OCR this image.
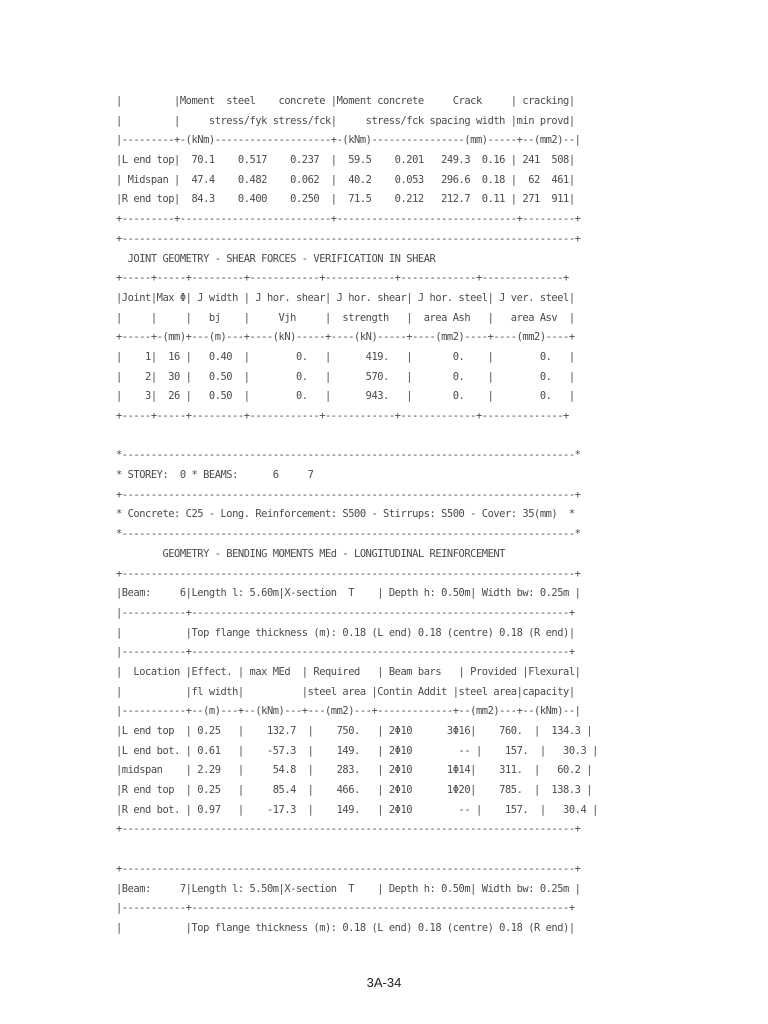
|         |Moment  steel    concrete |Moment concrete     Crack     | cracking|
|         |     stress/fyk stress/fck|     stress/fck spacing width |min provd|
|---------+-(kNm)--------------------+-(kNm)----------------(mm)-----+--(mm2)--|
|L end top|  70.1    0.517    0.237  |  59.5    0.201   249.3  0.16 | 241  508|
| Midspan |  47.4    0.482    0.062  |  40.2    0.053   296.6  0.18 |  62  461|
|R end top|  84.3    0.400    0.250  |  71.5    0.212   212.7  0.11 | 271  911|
+---------+--------------------------+-------------------------------+---------+
+------------------------------------------------------------------------------+
JOINT GEOMETRY - SHEAR FORCES - VERIFICATION IN SHEAR
+-----+-----+---------+------------+------------+-------------+--------------+
|Joint|Max Φ| J width | J hor. shear| J hor. shear| J hor. steel| J ver. steel|
|     |     |   bj    |     Vjh     |  strength   |  area Ash   |   area Asv  |
+-----+-(mm)+---(m)---+----(kN)-----+----(kN)-----+----(mm2)----+----(mm2)----+
|    1|  16 |   0.40  |        0.   |      419.   |       0.    |        0.   |
|    2|  30 |   0.50  |        0.   |      570.   |       0.    |        0.   |
|    3|  26 |   0.50  |        0.   |      943.   |       0.    |        0.   |
+-----+-----+---------+------------+------------+-------------+--------------+
*------------------------------------------------------------------------------*
* STOREY:  0 * BEAMS:      6     7
+------------------------------------------------------------------------------+
* Concrete: C25 - Long. Reinforcement: S500 - Stirrups: S500 - Cover: 35(mm)  *
*------------------------------------------------------------------------------*
GEOMETRY - BENDING MOMENTS MEd - LONGITUDINAL REINFORCEMENT
+------------------------------------------------------------------------------+
|Beam:     6|Length l: 5.60m|X-section  T    | Depth h: 0.50m| Width bw: 0.25m |
|-----------+-----------------------------------------------------------------+
|           |Top flange thickness (m): 0.18 (L end) 0.18 (centre) 0.18 (R end)|
|-----------+-----------------------------------------------------------------+
|  Location |Effect. | max MEd  | Required   | Beam bars   | Provided |Flexural|
|           |fl width|          |steel area |Contin Addit |steel area|capacity|
|-----------+--(m)---+--(kNm)---+---(mm2)---+-------------+--(mm2)---+--(kNm)--|
|L end top  | 0.25   |    132.7  |    750.   | 2Φ10      3Φ16|    760.  |  134.3 |
|L end bot. | 0.61   |    -57.3  |    149.   | 2Φ10        -- |    157.  |   30.3 |
|midspan    | 2.29   |     54.8  |    283.   | 2Φ10      1Φ14|    311.  |   60.2 |
|R end top  | 0.25   |     85.4  |    466.   | 2Φ10      1Φ20|    785.  |  138.3 |
|R end bot. | 0.97   |    -17.3  |    149.   | 2Φ10        -- |    157.  |   30.4 |
+------------------------------------------------------------------------------+
+------------------------------------------------------------------------------+
|Beam:     7|Length l: 5.50m|X-section  T    | Depth h: 0.50m| Width bw: 0.25m |
|-----------+-----------------------------------------------------------------+
|           |Top flange thickness (m): 0.18 (L end) 0.18 (centre) 0.18 (R end)|
3A-34
